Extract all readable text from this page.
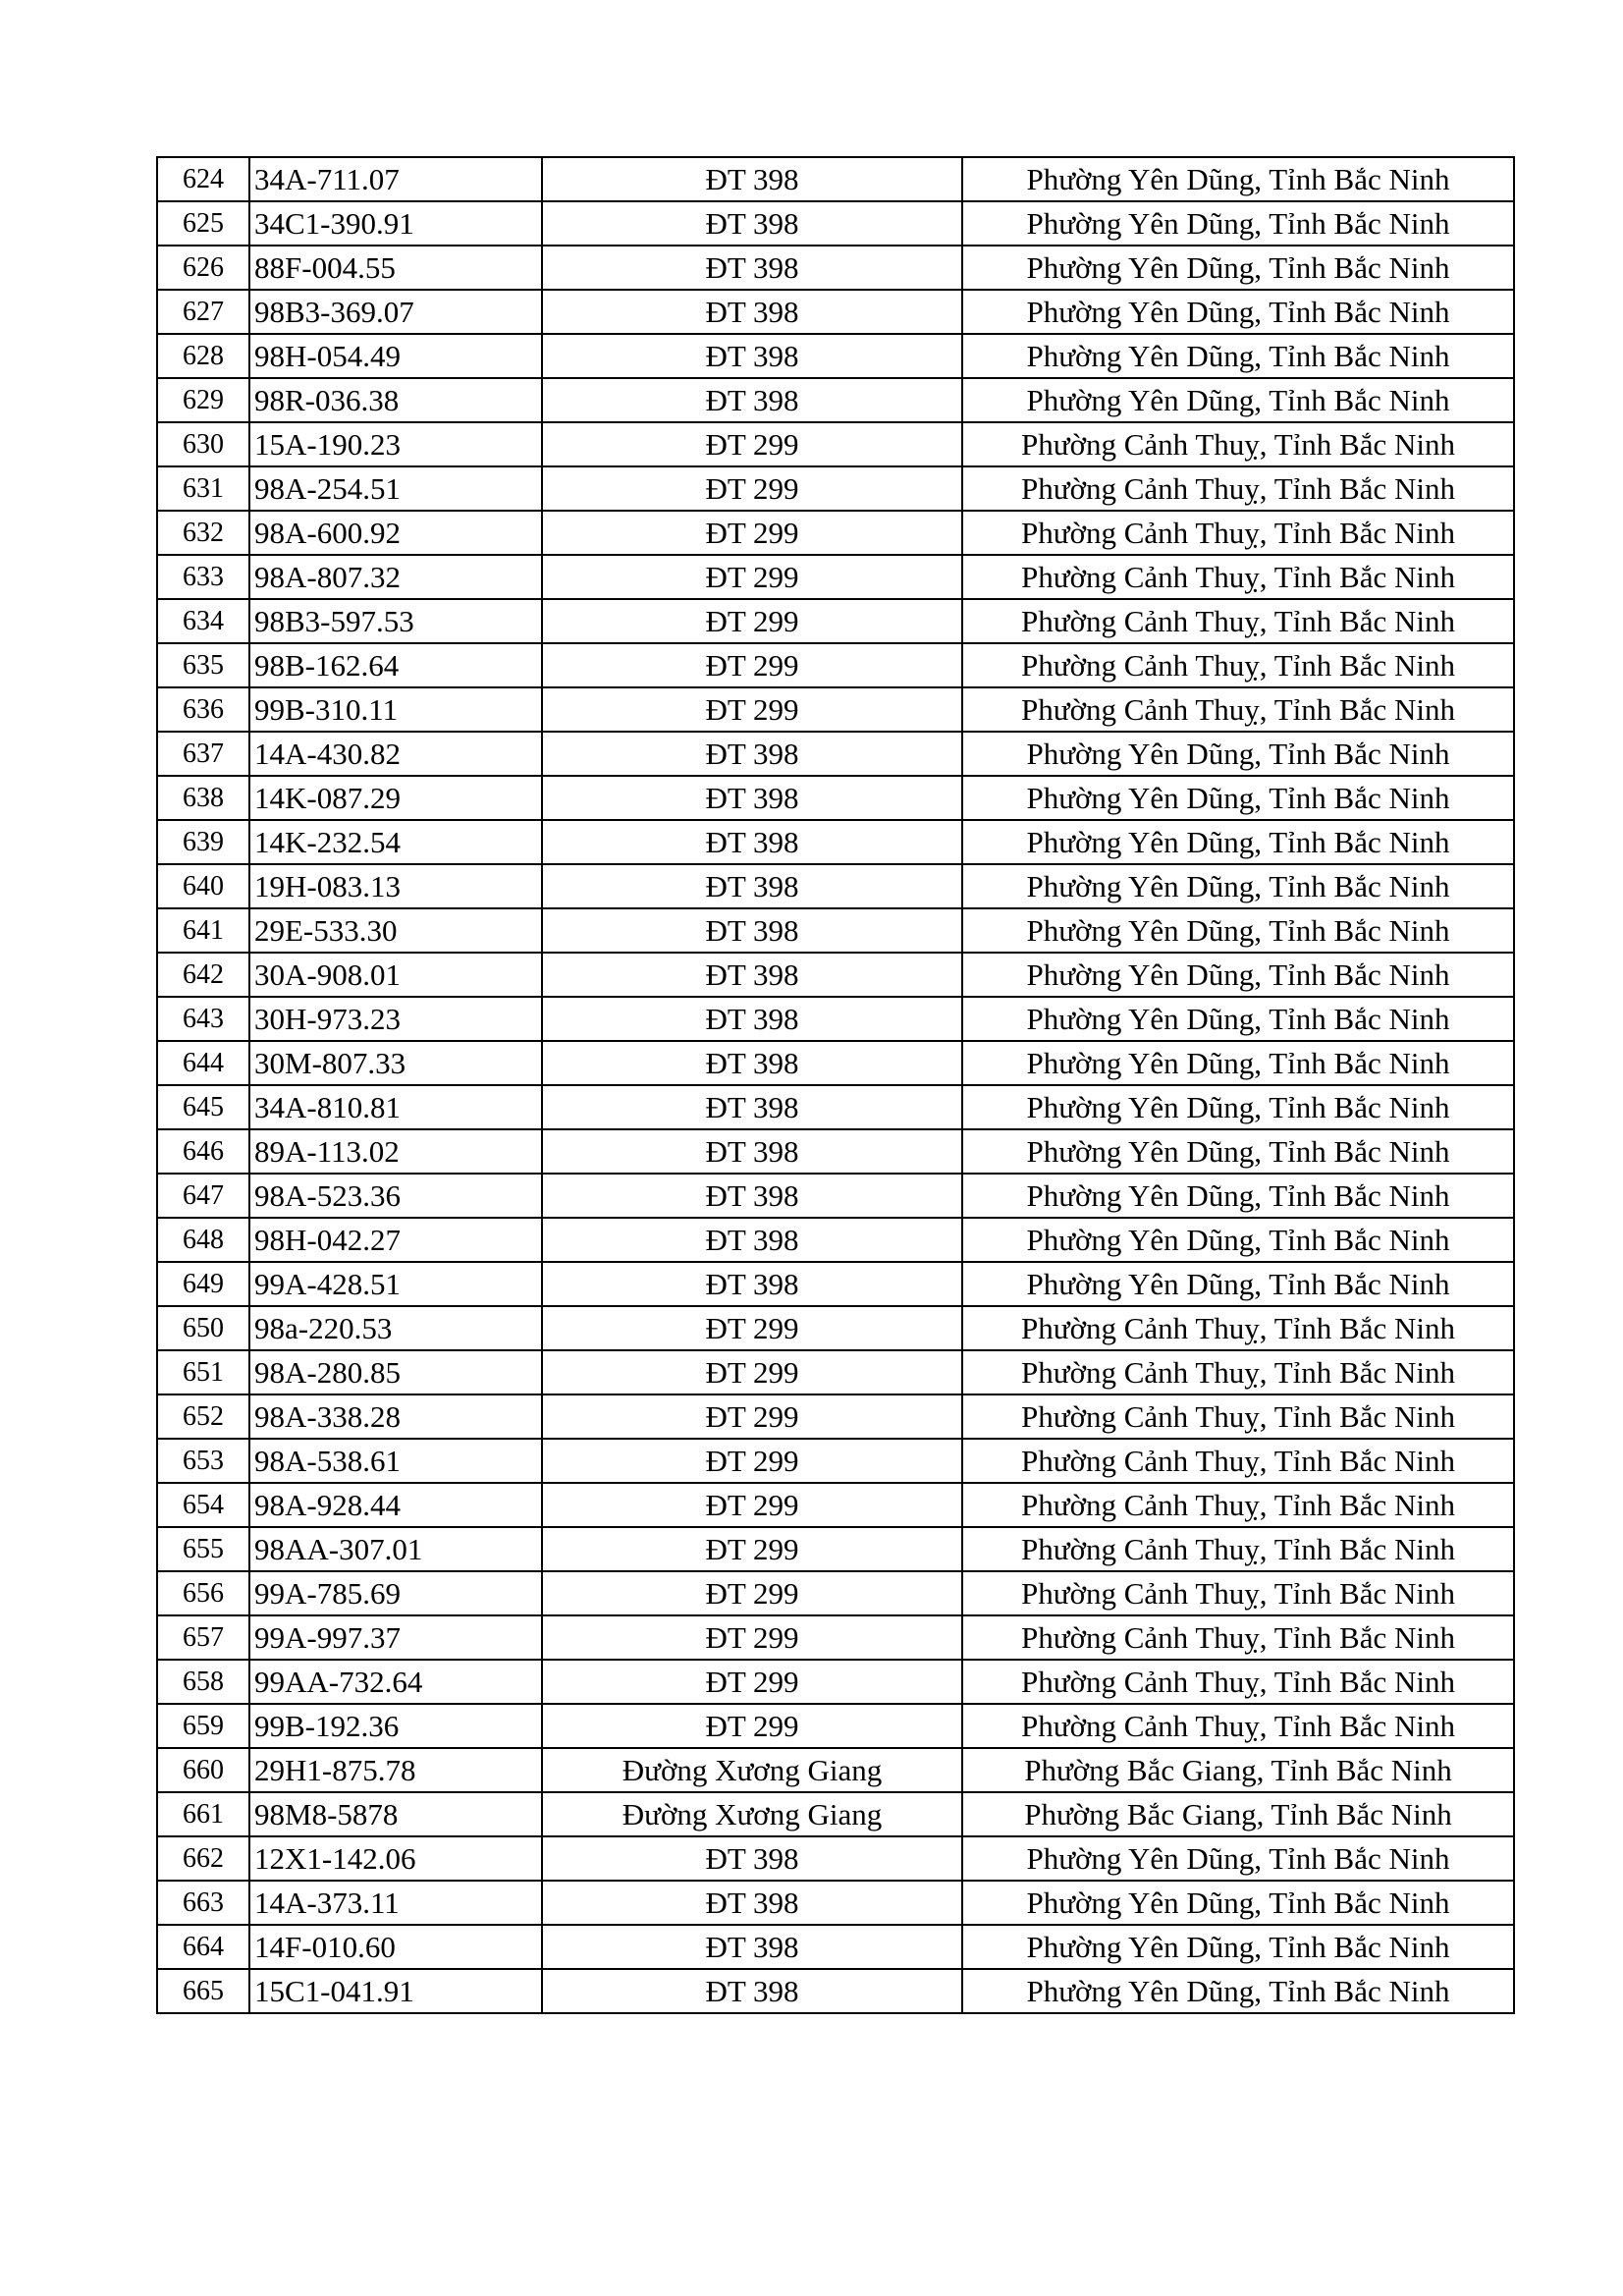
624	34A-711.07	ĐT 398	Phường Yên Dũng, Tỉnh Bắc Ninh
625	34C1-390.91	ĐT 398	Phường Yên Dũng, Tỉnh Bắc Ninh
626	88F-004.55	ĐT 398	Phường Yên Dũng, Tỉnh Bắc Ninh
627	98B3-369.07	ĐT 398	Phường Yên Dũng, Tỉnh Bắc Ninh
628	98H-054.49	ĐT 398	Phường Yên Dũng, Tỉnh Bắc Ninh
629	98R-036.38	ĐT 398	Phường Yên Dũng, Tỉnh Bắc Ninh
630	15A-190.23	ĐT 299	Phường Cảnh Thuỵ, Tỉnh Bắc Ninh
631	98A-254.51	ĐT 299	Phường Cảnh Thuỵ, Tỉnh Bắc Ninh
632	98A-600.92	ĐT 299	Phường Cảnh Thuỵ, Tỉnh Bắc Ninh
633	98A-807.32	ĐT 299	Phường Cảnh Thuỵ, Tỉnh Bắc Ninh
634	98B3-597.53	ĐT 299	Phường Cảnh Thuỵ, Tỉnh Bắc Ninh
635	98B-162.64	ĐT 299	Phường Cảnh Thuỵ, Tỉnh Bắc Ninh
636	99B-310.11	ĐT 299	Phường Cảnh Thuỵ, Tỉnh Bắc Ninh
637	14A-430.82	ĐT 398	Phường Yên Dũng, Tỉnh Bắc Ninh
638	14K-087.29	ĐT 398	Phường Yên Dũng, Tỉnh Bắc Ninh
639	14K-232.54	ĐT 398	Phường Yên Dũng, Tỉnh Bắc Ninh
640	19H-083.13	ĐT 398	Phường Yên Dũng, Tỉnh Bắc Ninh
641	29E-533.30	ĐT 398	Phường Yên Dũng, Tỉnh Bắc Ninh
642	30A-908.01	ĐT 398	Phường Yên Dũng, Tỉnh Bắc Ninh
643	30H-973.23	ĐT 398	Phường Yên Dũng, Tỉnh Bắc Ninh
644	30M-807.33	ĐT 398	Phường Yên Dũng, Tỉnh Bắc Ninh
645	34A-810.81	ĐT 398	Phường Yên Dũng, Tỉnh Bắc Ninh
646	89A-113.02	ĐT 398	Phường Yên Dũng, Tỉnh Bắc Ninh
647	98A-523.36	ĐT 398	Phường Yên Dũng, Tỉnh Bắc Ninh
648	98H-042.27	ĐT 398	Phường Yên Dũng, Tỉnh Bắc Ninh
649	99A-428.51	ĐT 398	Phường Yên Dũng, Tỉnh Bắc Ninh
650	98a-220.53	ĐT 299	Phường Cảnh Thuỵ, Tỉnh Bắc Ninh
651	98A-280.85	ĐT 299	Phường Cảnh Thuỵ, Tỉnh Bắc Ninh
652	98A-338.28	ĐT 299	Phường Cảnh Thuỵ, Tỉnh Bắc Ninh
653	98A-538.61	ĐT 299	Phường Cảnh Thuỵ, Tỉnh Bắc Ninh
654	98A-928.44	ĐT 299	Phường Cảnh Thuỵ, Tỉnh Bắc Ninh
655	98AA-307.01	ĐT 299	Phường Cảnh Thuỵ, Tỉnh Bắc Ninh
656	99A-785.69	ĐT 299	Phường Cảnh Thuỵ, Tỉnh Bắc Ninh
657	99A-997.37	ĐT 299	Phường Cảnh Thuỵ, Tỉnh Bắc Ninh
658	99AA-732.64	ĐT 299	Phường Cảnh Thuỵ, Tỉnh Bắc Ninh
659	99B-192.36	ĐT 299	Phường Cảnh Thuỵ, Tỉnh Bắc Ninh
660	29H1-875.78	Đường Xương Giang	Phường Bắc Giang, Tỉnh Bắc Ninh
661	98M8-5878	Đường Xương Giang	Phường Bắc Giang, Tỉnh Bắc Ninh
662	12X1-142.06	ĐT 398	Phường Yên Dũng, Tỉnh Bắc Ninh
663	14A-373.11	ĐT 398	Phường Yên Dũng, Tỉnh Bắc Ninh
664	14F-010.60	ĐT 398	Phường Yên Dũng, Tỉnh Bắc Ninh
665	15C1-041.91	ĐT 398	Phường Yên Dũng, Tỉnh Bắc Ninh
